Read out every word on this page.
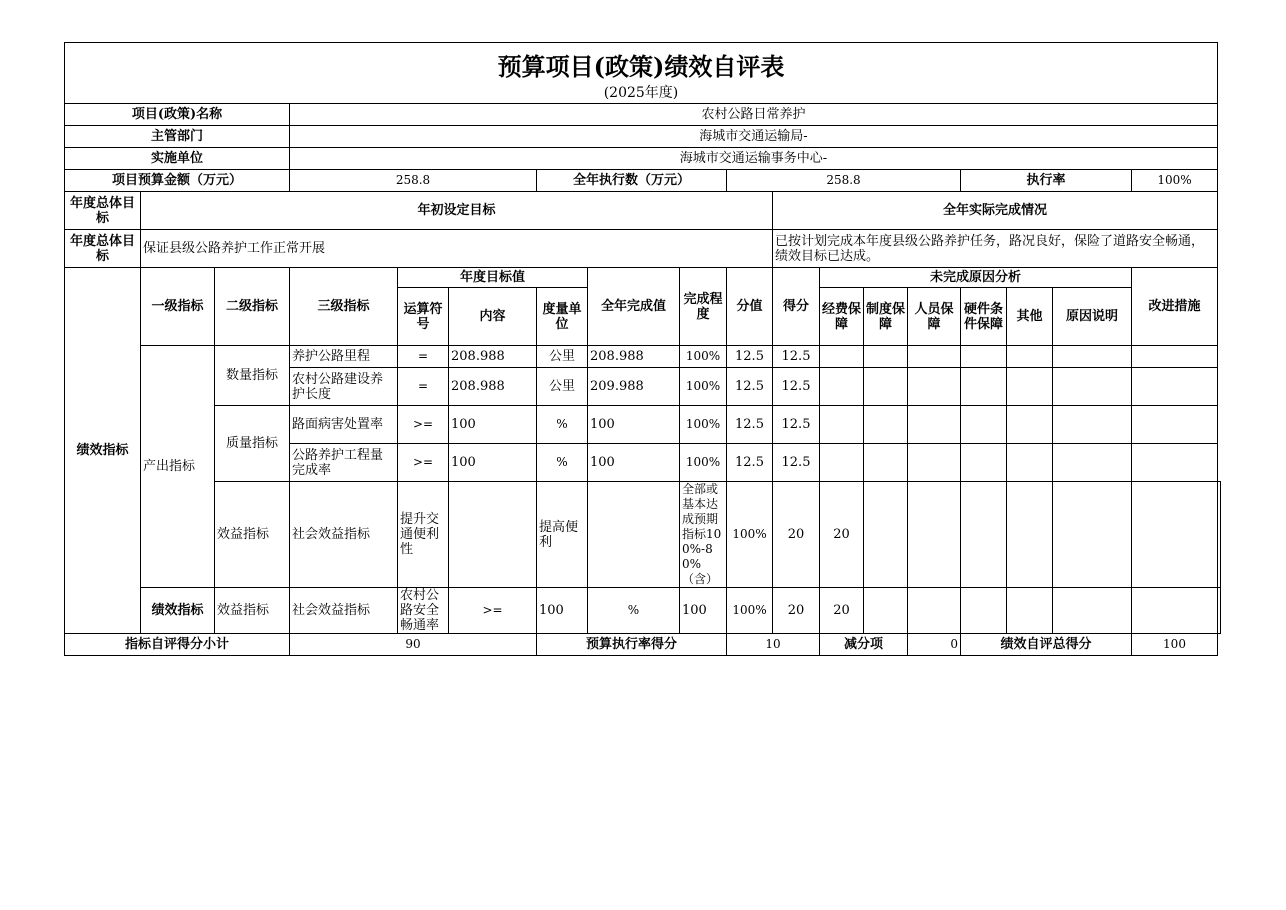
预算项目(政策)绩效自评表
(2025年度)																		

项目(政策)名称			农村公路日常养护															
主管部门			海城市交通运输局-															
实施单位			海城市交通运输事务中心-															
项目预算金额（万元）			258.8			全年执行数（万元）			258.8					执行率			100%	
年度总体目标	年初设定目标									全年实际完成情况								
年度总体目标	保证县级公路养护工作正常开展									已按计划完成本年度县级公路养护任务，路况良好，保险了道路安全畅通，绩效目标已达成。								
绩效指标	一级指标	二级指标	三级指标	年度目标值			全年完成值	完成程度	分值	得分	未完成原因分析						改进措施	
				运算符号	内容	度量单位					经费保障	制度保障	人员保障	硬件条件保障	其他	原因说明		
	产出指标	数量指标	养护公路里程	=	208.988	公里	208.988	100%	12.5	12.5								
			农村公路建设养护长度	=	208.988	公里	209.988	100%	12.5	12.5								
		质量指标	路面病害处置率	>=	100	%	100	100%	12.5	12.5								
			公路养护工程量完成率	>=	100	%	100	100%	12.5	12.5								
		效益指标	社会效益指标	提升交通便利性		提高便利		全部或基本达成预期指标100%-80%（含）	100%	20	20							
	绩效指标	效益指标	社会效益指标	农村公路安全畅通率	>=	100	%	100	100%	20	20							
指标自评得分小计			90			预算执行率得分			10		减分项		0	绩效自评总得分			100	
